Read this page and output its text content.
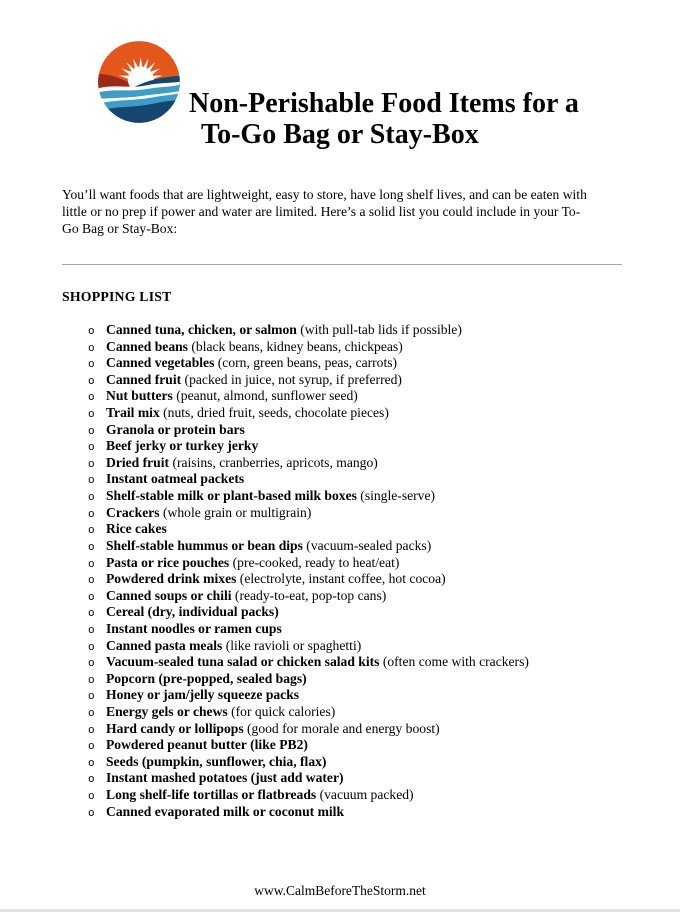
Non-Perishable Food Items for a
To-Go Bag or Stay-Box
You’ll want foods that are lightweight, easy to store, have long shelf lives, and can be eaten with
little or no prep if power and water are limited. Here’s a solid list you could include in your To-
Go Bag or Stay-Box:
SHOPPING LIST
o Canned tuna, chicken, or salmon (with pull-tab lids if possible)
o Canned beans (black beans, kidney beans, chickpeas)
o Canned vegetables (corn, green beans, peas, carrots)
o Canned fruit (packed in juice, not syrup, if preferred)
o Nut butters (peanut, almond, sunflower seed)
o Trail mix (nuts, dried fruit, seeds, chocolate pieces)
o Granola or protein bars
o Beef jerky or turkey jerky
o Dried fruit (raisins, cranberries, apricots, mango)
o Instant oatmeal packets
o Shelf-stable milk or plant-based milk boxes (single-serve)
o Crackers (whole grain or multigrain)
o Rice cakes
o Shelf-stable hummus or bean dips (vacuum-sealed packs)
o Pasta or rice pouches (pre-cooked, ready to heat/eat)
o Powdered drink mixes (electrolyte, instant coffee, hot cocoa)
o Canned soups or chili (ready-to-eat, pop-top cans)
o Cereal (dry, individual packs)
o Instant noodles or ramen cups
o Canned pasta meals (like ravioli or spaghetti)
o Vacuum-sealed tuna salad or chicken salad kits (often come with crackers)
o Popcorn (pre-popped, sealed bags)
o Honey or jam/jelly squeeze packs
o Energy gels or chews (for quick calories)
o Hard candy or lollipops (good for morale and energy boost)
o Powdered peanut butter (like PB2)
o Seeds (pumpkin, sunflower, chia, flax)
o Instant mashed potatoes (just add water)
o Long shelf-life tortillas or flatbreads (vacuum packed)
o Canned evaporated milk or coconut milk
www.CalmBeforeTheStorm.net
